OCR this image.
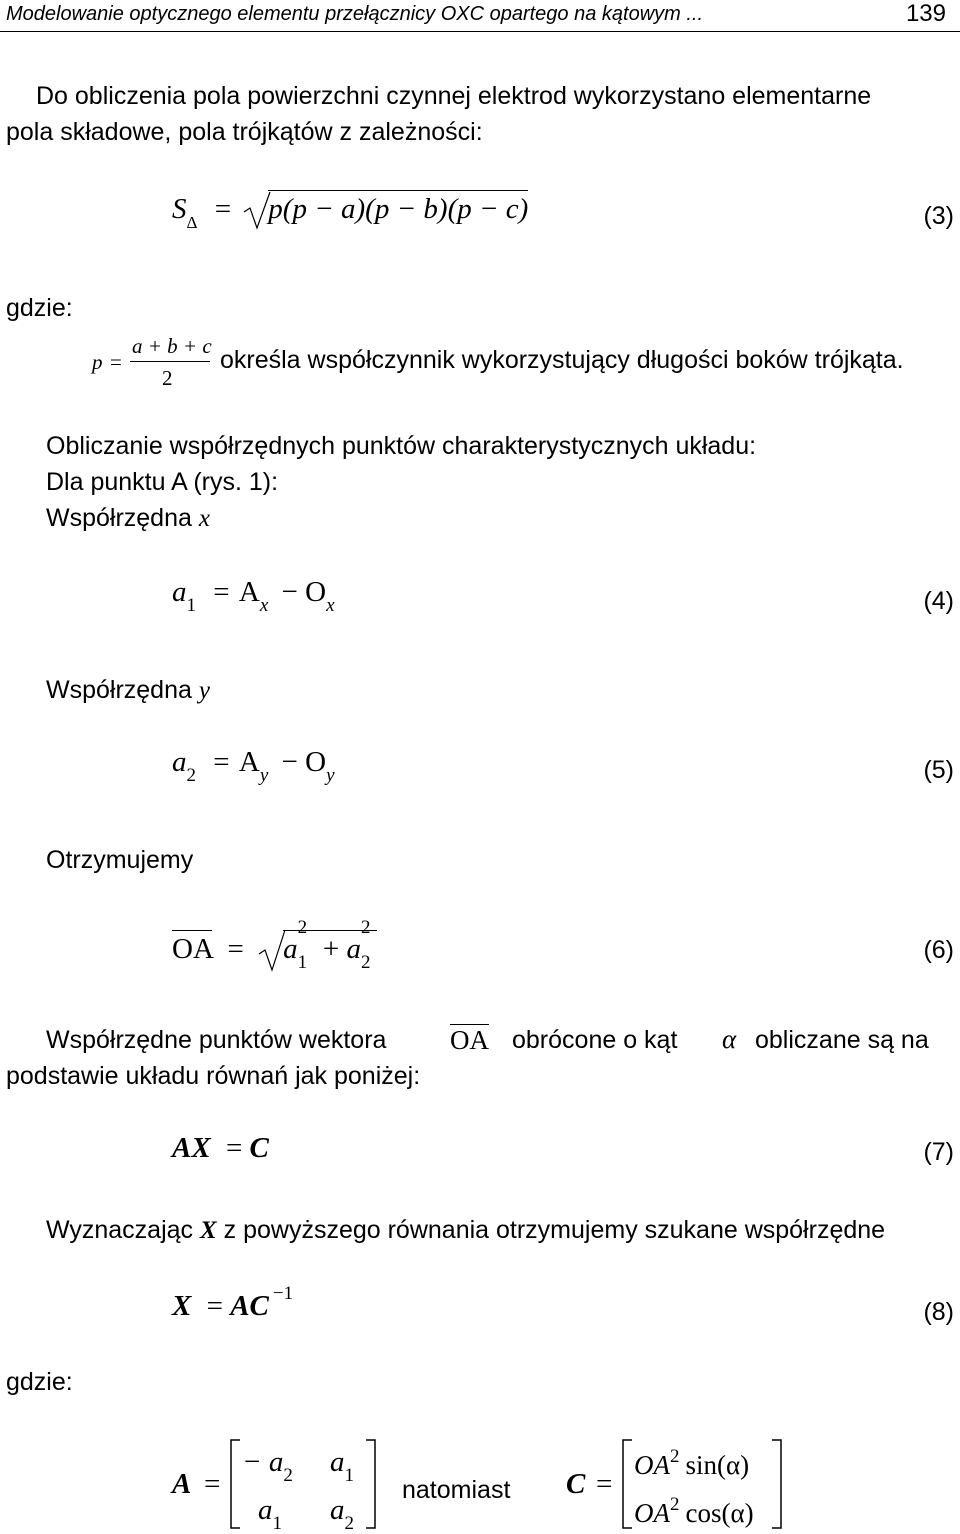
Modelowanie optycznego elementu przełącznicy OXC opartego na kątowym ...	139
Do obliczenia pola powierzchni czynnej elektrod wykorzystano elementarne
pola składowe, pola trójkątów z zależności:
$S_\Delta = p(p - a)(p - b)(p - c)$	(3)
gdzie:
p =
a + b + c
2
określa współczynnik wykorzystujący długości boków trójkąta.
Obliczanie współrzędnych punktów charakterystycznych układu:
Dla punktu A (rys. 1):
Współrzędna x
$a_1 = A_x - O_x$	(4)
Współrzędna y
$a_2 = A_y - O_y$	(5)
Otrzymujemy
OA = a
2
1 + a
2
2	(6)
Współrzędne punktów wektora OA obrócone o kąt α obliczane są na
podstawie układu równań jak poniżej:
AX = C	(7)
Wyznaczając X z powyższego równania otrzymujemy szukane współrzędne
X = AC $^{-1}$
(8)
gdzie:
A =
− $a_2$ $a_1$
$a_1$ $a_2$
natomiast C =
$OA^2$ sin(α)
$OA^2$ cos(α)
